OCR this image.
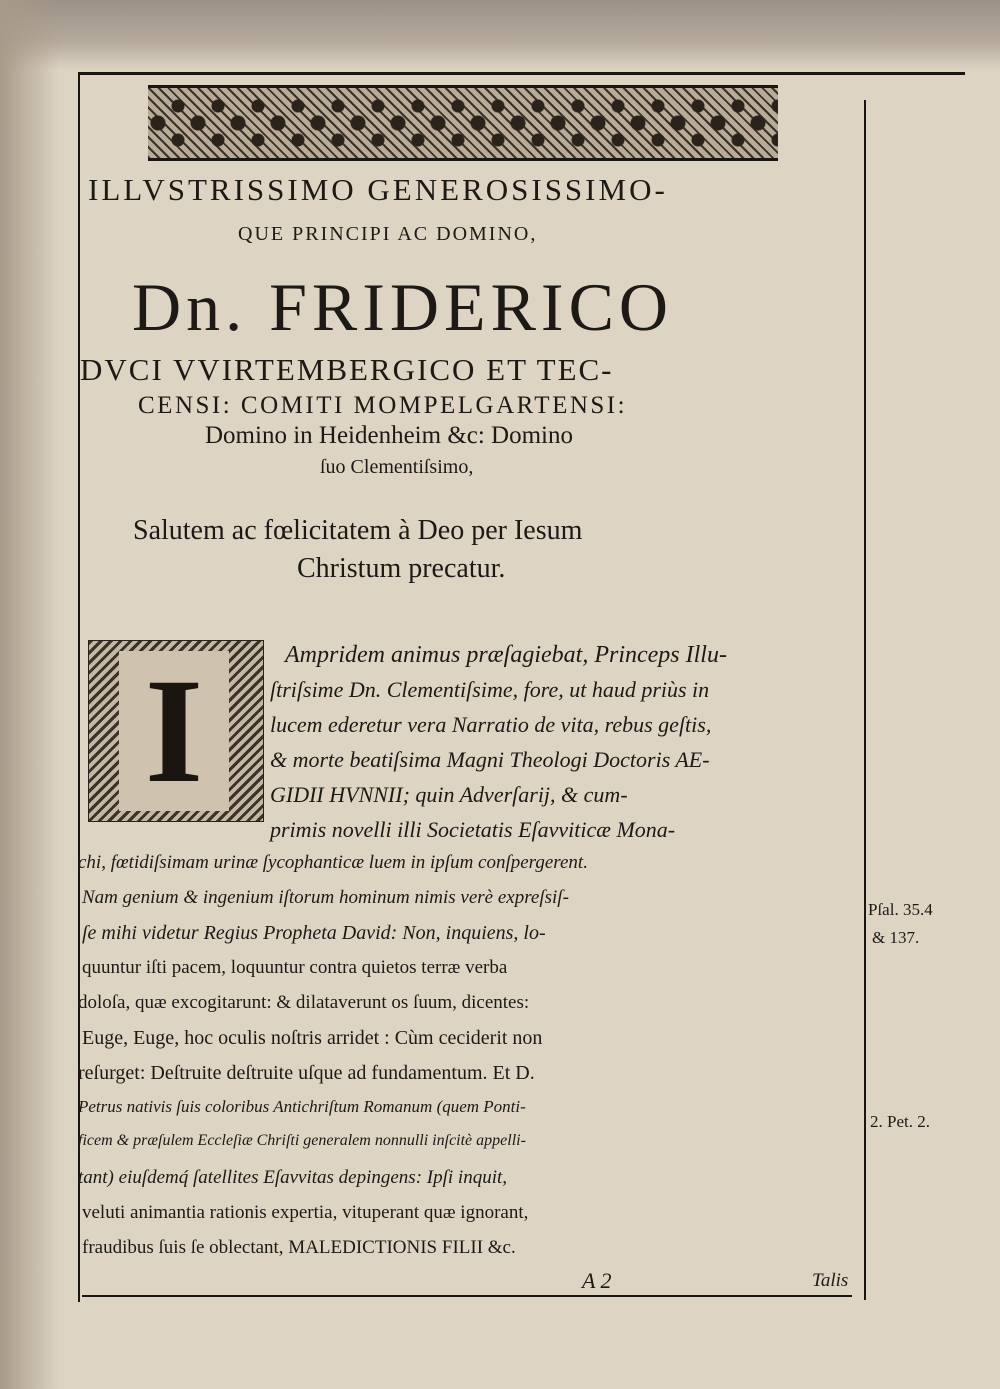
ILLVSTRISSIMO GENEROSISSIMO-
QUE PRINCIPI AC DOMINO,
Dn. FRIDERICO
DVCI VVIRTEMBERGICO ET TEC-
CENSI: COMITI MOMPELGARTENSI:
Domino in Heidenheim &c: Domino
ſuo Clementiſsimo,
Salutem ac fœlicitatem à Deo per Iesum
Christum precatur.
I	Ampridem animus præſagiebat, Princeps Illu-
ſtriſsime Dn. Clementiſsime, fore, ut haud priùs in
lucem ederetur vera Narratio de vita, rebus geſtis,
& morte beatiſsima Magni Theologi Doctoris AE-
GIDII HVNNII; quin Adverſarij, & cum-
primis novelli illi Societatis Eſavviticæ Mona-
chi, fœtidiſsimam urinæ ſycophanticæ luem in ipſum conſpergerent.
Nam genium & ingenium iſtorum hominum nimis verè expreſsiſ-
ſe mihi videtur Regius Propheta David: Non, inquiens, lo-
quuntur iſti pacem, loquuntur contra quietos terræ verba
doloſa, quæ excogitarunt: & dilataverunt os ſuum, dicentes:
Euge, Euge, hoc oculis noſtris arridet : Cùm ceciderit non
reſurget: Deſtruite deſtruite uſque ad fundamentum. Et D.
Petrus nativis ſuis coloribus Antichriſtum Romanum (quem Ponti-
ficem & præſulem Eccleſiæ Chriſti generalem nonnulli inſcitè appelli-
tant) eiuſdemq́ ſatellites Eſavvitas depingens: Ipſi inquit,
veluti animantia rationis expertia, vituperant quæ ignorant,
fraudibus ſuis ſe oblectant, MALEDICTIONIS FILII &c.
Pſal. 35.4
& 137.
2. Pet. 2.
A 2	Talis
